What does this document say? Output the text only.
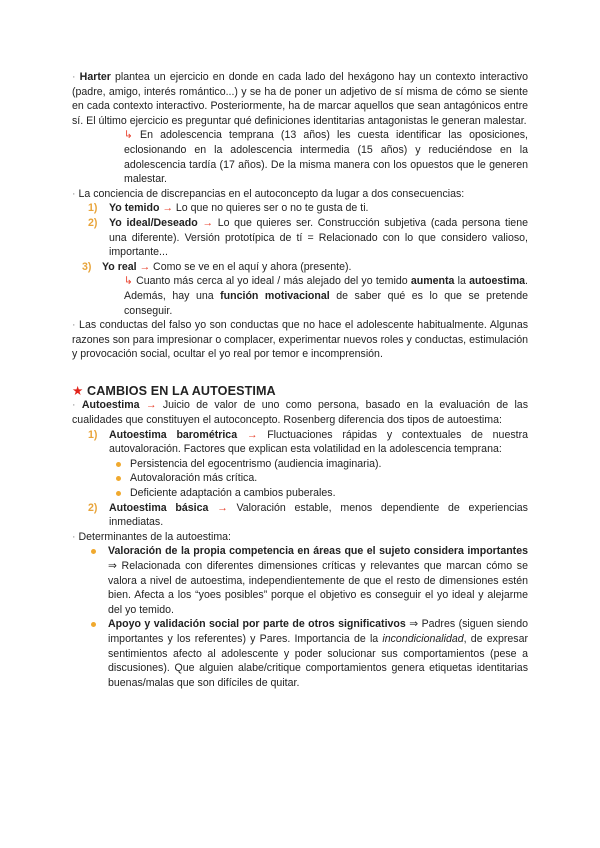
· Harter plantea un ejercicio en donde en cada lado del hexágono hay un contexto interactivo (padre, amigo, interés romántico...) y se ha de poner un adjetivo de sí misma de cómo se siente en cada contexto interactivo. Posteriormente, ha de marcar aquellos que sean antagónicos entre sí. El último ejercicio es preguntar qué definiciones identitarias antagonistas le generan malestar.

↳ En adolescencia temprana (13 años) les cuesta identificar las oposiciones, eclosionando en la adolescencia intermedia (15 años) y reduciéndose en la adolescencia tardía (17 años). De la misma manera con los opuestos que le generen malestar.

· La conciencia de discrepancias en el autoconcepto da lugar a dos consecuencias:

1) Yo temido → Lo que no quieres ser o no te gusta de ti.
2) Yo ideal/Deseado → Lo que quieres ser. Construcción subjetiva (cada persona tiene una diferente). Versión prototípica de tí = Relacionado con lo que considero valioso, importante...
3) Yo real → Como se ve en el aquí y ahora (presente).

↳ Cuanto más cerca al yo ideal / más alejado del yo temido aumenta la autoestima. Además, hay una función motivacional de saber qué es lo que se pretende conseguir.

· Las conductas del falso yo son conductas que no hace el adolescente habitualmente. Algunas razones son para impresionar o complacer, experimentar nuevos roles y conductas, estimulación y provocación social, ocultar el yo real por temor e incomprensión.

★ CAMBIOS EN LA AUTOESTIMA

· Autoestima → Juicio de valor de uno como persona, basado en la evaluación de las cualidades que constituyen el autoconcepto. Rosenberg diferencia dos tipos de autoestima:

1) Autoestima barométrica → Fluctuaciones rápidas y contextuales de nuestra autovaloración. Factores que explican esta volatilidad en la adolescencia temprana:
Persistencia del egocentrismo (audiencia imaginaria).
Autovaloración más crítica.
Deficiente adaptación a cambios puberales.
2) Autoestima básica → Valoración estable, menos dependiente de experiencias inmediatas.

· Determinantes de la autoestima:

Valoración de la propia competencia en áreas que el sujeto considera importantes ⇒ Relacionada con diferentes dimensiones críticas y relevantes que marcan cómo se valora a nivel de autoestima, independientemente de que el resto de dimensiones estén bien. Afecta a los “yoes posibles” porque el objetivo es conseguir el yo ideal y alejarme del yo temido.
Apoyo y validación social por parte de otros significativos ⇒ Padres (siguen siendo importantes y los referentes) y Pares. Importancia de la incondicionalidad, de expresar sentimientos afecto al adolescente y poder solucionar sus comportamientos (pese a discusiones). Que alguien alabe/critique comportamientos genera etiquetas identitarias buenas/malas que son difíciles de quitar.
